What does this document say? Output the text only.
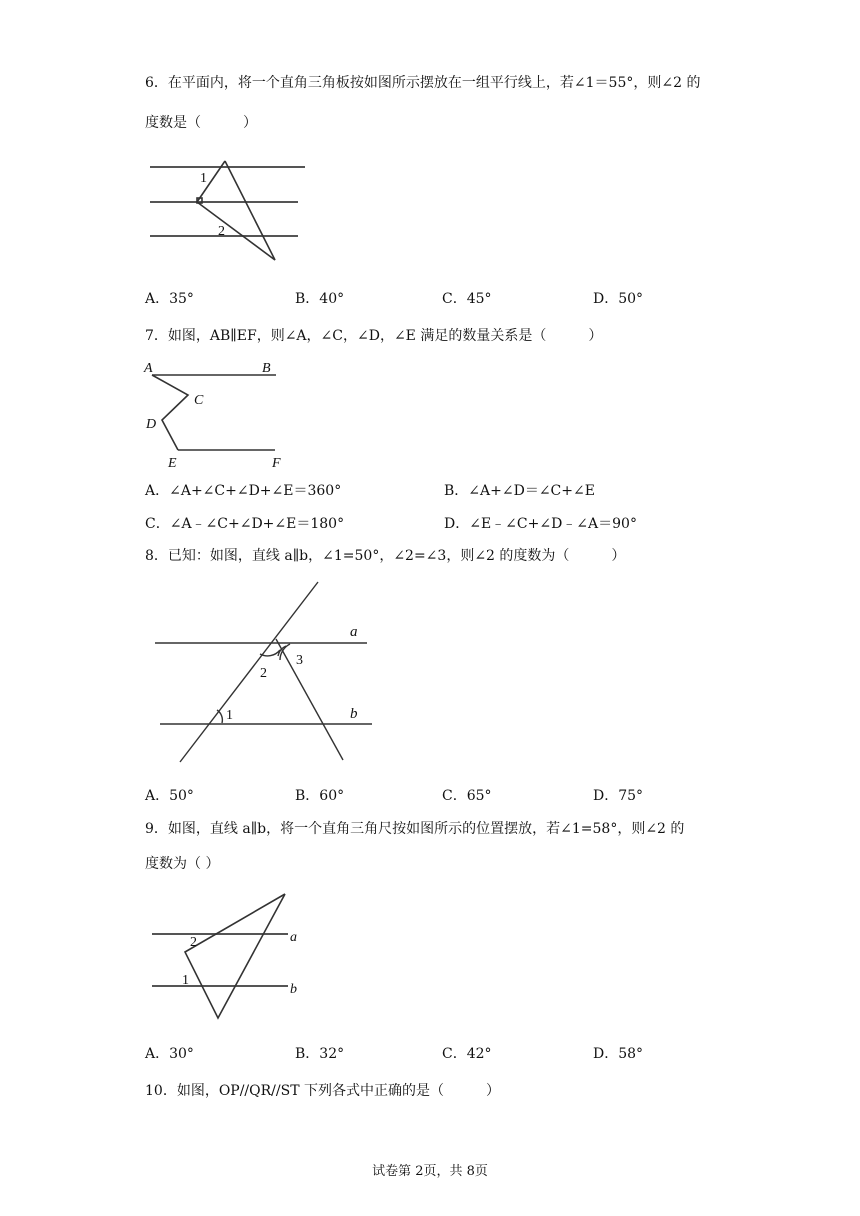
6．在平面内，将一个直角三角板按如图所示摆放在一组平行线上，若∠1＝55°，则∠2 的
度数是（　　　）
1
2
A．35°	B．40°	C．45°	D．50°
7．如图，AB∥EF，则∠A，∠C，∠D，∠E 满足的数量关系是（　　　）
A	B
C
D
E	F
A．∠A+∠C+∠D+∠E＝360°	B．∠A+∠D＝∠C+∠E
C．∠A﹣∠C+∠D+∠E＝180°	D．∠E﹣∠C+∠D﹣∠A＝90°
8．已知：如图，直线 a∥b，∠1=50°，∠2=∠3，则∠2 的度数为（　　　）
a
b
1
2
3
A．50°	B．60°	C．65°	D．75°
9．如图，直线 a∥b，将一个直角三角尺按如图所示的位置摆放，若∠1=58°，则∠2 的
度数为（ ）
a
b
1
2
A．30°	B．32°	C．42°	D．58°
10．如图，OP//QR//ST 下列各式中正确的是（　　　）
试卷第 2页，共 8页
